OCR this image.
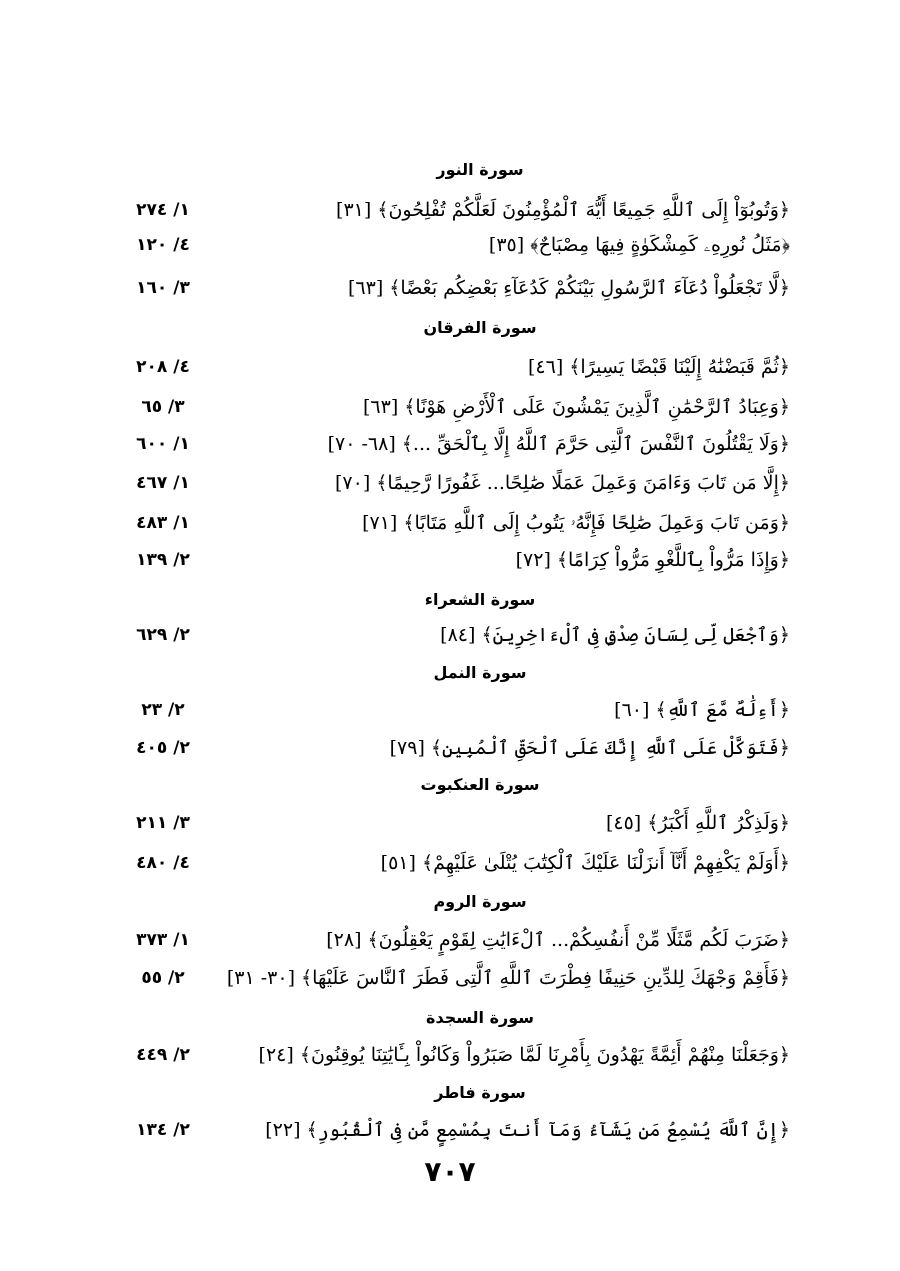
سورة النور
﴿وَتُوبُوٓاْ إِلَى ٱللَّهِ جَمِيعًا أَيُّهَ ٱلْمُؤْمِنُونَ لَعَلَّكُمْ تُفْلِحُونَ﴾ [٣١]
١/ ٢٧٤
﴿مَثَلُ نُورِهِۦ كَمِشْكَوٰةٍ فِيهَا مِصْبَاحٌ﴾ [٣٥]
٤/ ١٢٠
﴿لَّا تَجْعَلُواْ دُعَآءَ ٱلرَّسُولِ بَيْنَكُمْ كَدُعَآءِ بَعْضِكُم بَعْضًا﴾ [٦٣]
٣/ ١٦٠
سورة الفرقان
﴿ثُمَّ قَبَضْنَٰهُ إِلَيْنَا قَبْضًا يَسِيرًا﴾ [٤٦]
٤/ ٢٠٨
﴿وَعِبَادُ ٱلرَّحْمَٰنِ ٱلَّذِينَ يَمْشُونَ عَلَى ٱلْأَرْضِ هَوْنًا﴾ [٦٣]
٣/ ٦٥
﴿وَلَا يَقْتُلُونَ ٱلنَّفْسَ ٱلَّتِى حَرَّمَ ٱللَّهُ إِلَّا بِٱلْحَقِّ ...﴾ [٦٨- ٧٠]
١/ ٦٠٠
﴿إِلَّا مَن تَابَ وَءَامَنَ وَعَمِلَ عَمَلًا صَٰلِحًا... غَفُورًا رَّحِيمًا﴾ [٧٠]
١/ ٤٦٧
﴿وَمَن تَابَ وَعَمِلَ صَٰلِحًا فَإِنَّهُۥ يَتُوبُ إِلَى ٱللَّهِ مَتَابًا﴾ [٧١]
١/ ٤٨٣
﴿وَإِذَا مَرُّواْ بِٱللَّغْوِ مَرُّواْ كِرَامًا﴾ [٧٢]
٢/ ١٣٩
سورة الشعراء
﴿وَٱجْعَل لِّى لِسَانَ صِدْقٍ فِى ٱلْءَاخِرِينَ﴾ [٨٤]
٢/ ٦٢٩
سورة النمل
﴿أَءِلَٰهٌ مَّعَ ٱللَّهِ﴾ [٦٠]
٢/ ٢٣
﴿فَتَوَكَّلْ عَلَى ٱللَّهِ إِنَّكَ عَلَى ٱلْحَقِّ ٱلْمُبِينِ﴾ [٧٩]
٢/ ٤٠٥
سورة العنكبوت
﴿وَلَذِكْرُ ٱللَّهِ أَكْبَرُ﴾ [٤٥]
٣/ ٢١١
﴿أَوَلَمْ يَكْفِهِمْ أَنَّآ أَنزَلْنَا عَلَيْكَ ٱلْكِتَٰبَ يُتْلَىٰ عَلَيْهِمْ﴾ [٥١]
٤/ ٤٨٠
سورة الروم
﴿ضَرَبَ لَكُم مَّثَلًا مِّنْ أَنفُسِكُمْ... ٱلْءَايَٰتِ لِقَوْمٍ يَعْقِلُونَ﴾ [٢٨]
١/ ٣٧٣
﴿فَأَقِمْ وَجْهَكَ لِلدِّينِ حَنِيفًا فِطْرَتَ ٱللَّهِ ٱلَّتِى فَطَرَ ٱلنَّاسَ عَلَيْهَا﴾ [٣٠- ٣١]
٢/ ٥٥
سورة السجدة
﴿وَجَعَلْنَا مِنْهُمْ أَئِمَّةً يَهْدُونَ بِأَمْرِنَا لَمَّا صَبَرُواْ وَكَانُواْ بِـَٔايَٰتِنَا يُوقِنُونَ﴾ [٢٤]
٢/ ٤٤٩
سورة فاطر
﴿إِنَّ ٱللَّهَ يُسْمِعُ مَن يَشَآءُ وَمَآ أَنتَ بِمُسْمِعٍ مَّن فِى ٱلْقُبُورِ﴾ [٢٢]
٢/ ١٣٤
٧٠٧
